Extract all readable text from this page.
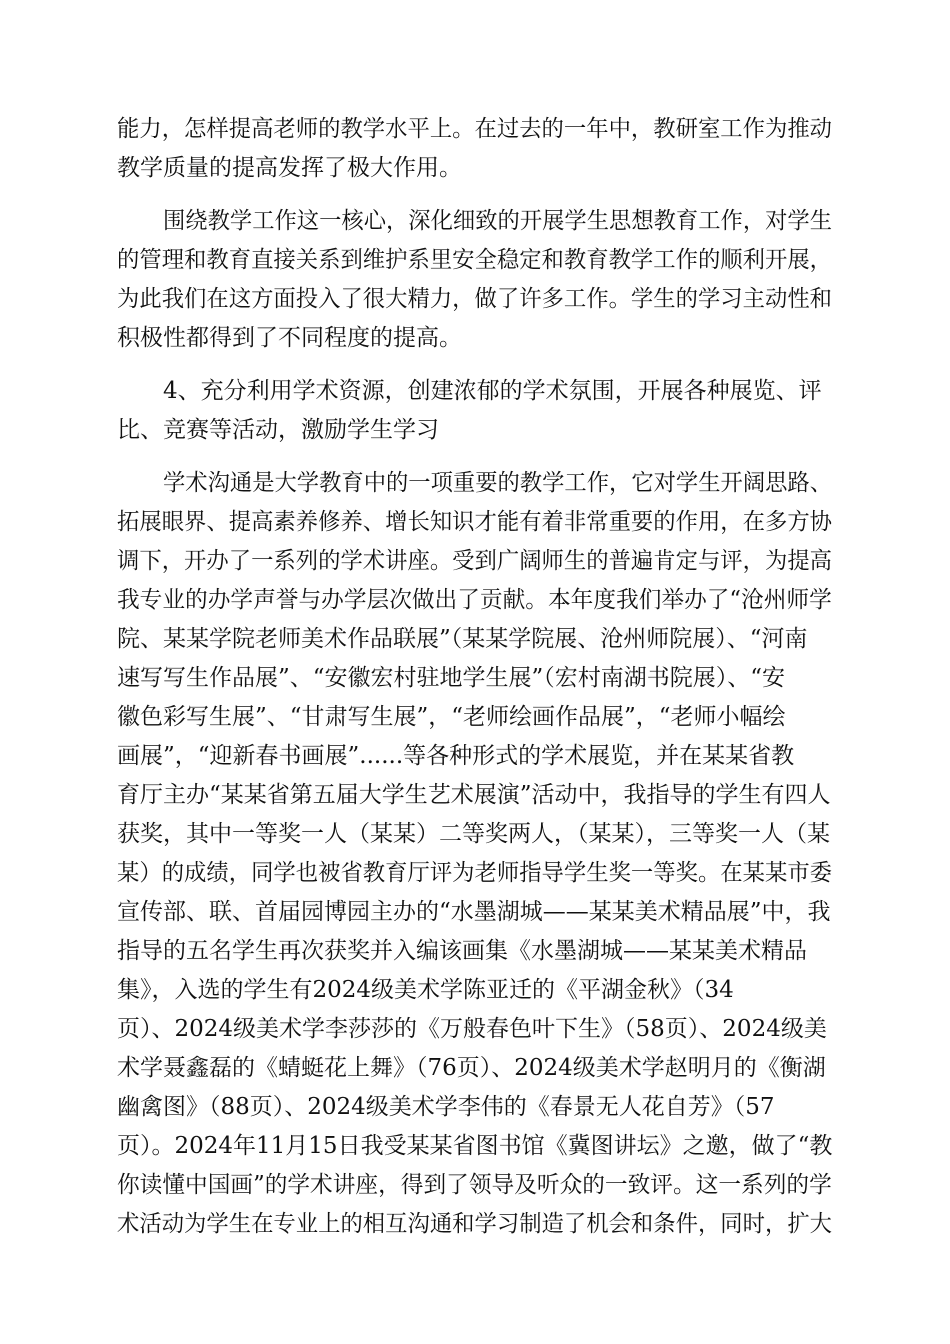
能力，怎样提高老师的教学水平上。在过去的一年中，教研室工作为推动
教学质量的提高发挥了极大作用。
围绕教学工作这一核心，深化细致的开展学生思想教育工作，对学生
的管理和教育直接关系到维护系里安全稳定和教育教学工作的顺利开展，
为此我们在这方面投入了很大精力，做了许多工作。学生的学习主动性和
积极性都得到了不同程度的提高。
4、充分利用学术资源，创建浓郁的学术氛围，开展各种展览、评
比、竞赛等活动，激励学生学习
学术沟通是大学教育中的一项重要的教学工作，它对学生开阔思路、
拓展眼界、提高素养修养、增长知识才能有着非常重要的作用，在多方协
调下，开办了一系列的学术讲座。受到广阔师生的普遍肯定与评，为提高
我专业的办学声誉与办学层次做出了贡献。本年度我们举办了“沧州师学
院、某某学院老师美术作品联展”（某某学院展、沧州师院展）、“河南
速写写生作品展”、“安徽宏村驻地学生展”（宏村南湖书院展）、“安
徽色彩写生展”、“甘肃写生展”，“老师绘画作品展”，“老师小幅绘
画展”，“迎新春书画展”......等各种形式的学术展览，并在某某省教
育厅主办“某某省第五届大学生艺术展演”活动中，我指导的学生有四人
获奖，其中一等奖一人（某某）二等奖两人，（某某），三等奖一人（某
某）的成绩，同学也被省教育厅评为老师指导学生奖一等奖。在某某市委
宣传部、联、首届园博园主办的“水墨湖城——某某美术精品展”中，我
指导的五名学生再次获奖并入编该画集《水墨湖城——某某美术精品
集》，入选的学生有2024级美术学陈亚迁的《平湖金秋》（34
页）、2024级美术学李莎莎的《万般春色叶下生》（58页）、2024级美
术学聂鑫磊的《蜻蜓花上舞》（76页）、2024级美术学赵明月的《衡湖
幽禽图》（88页）、2024级美术学李伟的《春景无人花自芳》（57
页）。2024年11月15日我受某某省图书馆《冀图讲坛》之邀，做了“教
你读懂中国画”的学术讲座，得到了领导及听众的一致评。这一系列的学
术活动为学生在专业上的相互沟通和学习制造了机会和条件，同时，扩大
